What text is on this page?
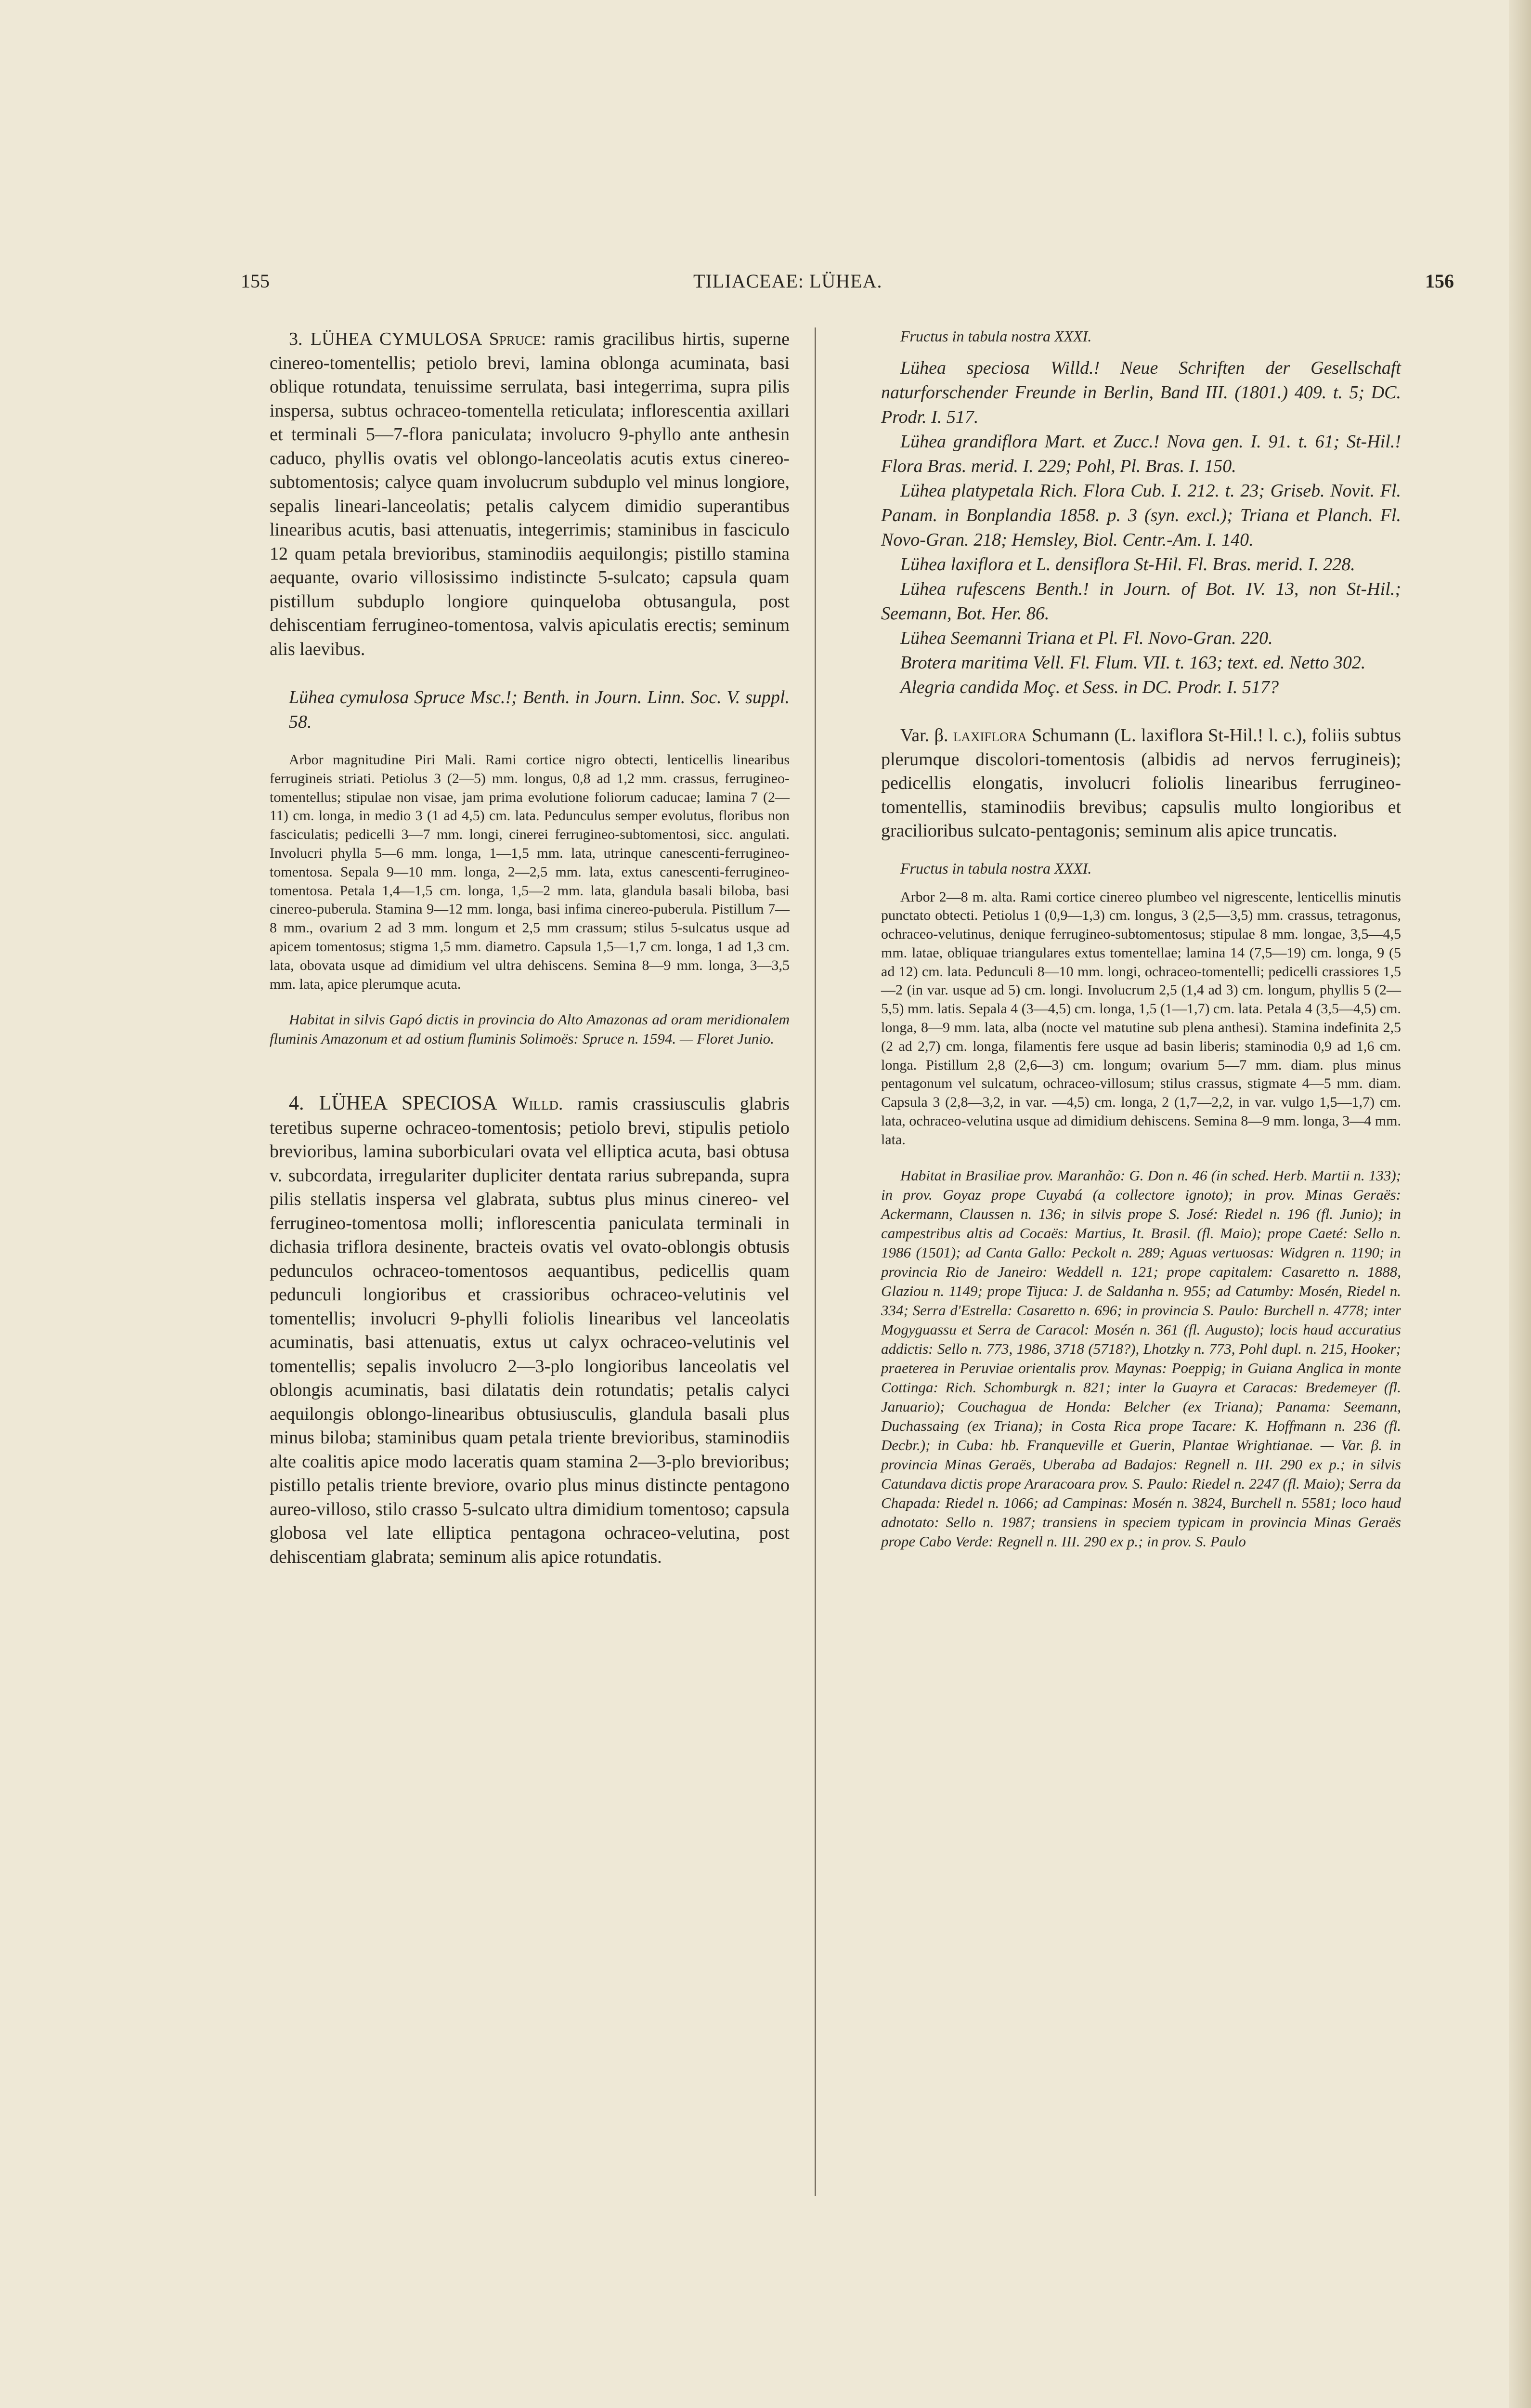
155	TILIACEAE: LÜHEA.	156

3. LÜHEA CYMULOSA Spruce: ramis gracilibus hirtis, superne cinereo-tomentellis; petiolo brevi, lamina oblonga acuminata, basi oblique rotundata, tenuissime serrulata, basi integerrima, supra pilis inspersa, subtus ochraceo-tomentella reticulata; inflorescentia axillari et terminali 5—7-flora paniculata; involucro 9-phyllo ante anthesin caduco, phyllis ovatis vel oblongo-lanceolatis acutis extus cinereo-subtomentosis; calyce quam involucrum subduplo vel minus longiore, sepalis lineari-lanceolatis; petalis calycem dimidio superantibus linearibus acutis, basi attenuatis, integerrimis; staminibus in fasciculo 12 quam petala brevioribus, staminodiis aequilongis; pistillo stamina aequante, ovario villosissimo indistincte 5-sulcato; capsula quam pistillum subduplo longiore quinqueloba obtusangula, post dehiscentiam ferrugineo-tomentosa, valvis apiculatis erectis; seminum alis laevibus.

Lühea cymulosa Spruce Msc.!; Benth. in Journ. Linn. Soc. V. suppl. 58.

Arbor magnitudine Piri Mali. Rami cortice nigro obtecti, lenticellis linearibus ferrugineis striati. Petiolus 3 (2—5) mm. longus, 0,8 ad 1,2 mm. crassus, ferrugineo-tomentellus; stipulae non visae, jam prima evolutione foliorum caducae; lamina 7 (2—11) cm. longa, in medio 3 (1 ad 4,5) cm. lata. Pedunculus semper evolutus, floribus non fasciculatis; pedicelli 3—7 mm. longi, cinerei ferrugineo-subtomentosi, sicc. angulati. Involucri phylla 5—6 mm. longa, 1—1,5 mm. lata, utrinque canescenti-ferrugineo-tomentosa. Sepala 9—10 mm. longa, 2—2,5 mm. lata, extus canescenti-ferrugineo-tomentosa. Petala 1,4—1,5 cm. longa, 1,5—2 mm. lata, glandula basali biloba, basi cinereo-puberula. Stamina 9—12 mm. longa, basi infima cinereo-puberula. Pistillum 7—8 mm., ovarium 2 ad 3 mm. longum et 2,5 mm crassum; stilus 5-sulcatus usque ad apicem tomentosus; stigma 1,5 mm. diametro. Capsula 1,5—1,7 cm. longa, 1 ad 1,3 cm. lata, obovata usque ad dimidium vel ultra dehiscens. Semina 8—9 mm. longa, 3—3,5 mm. lata, apice plerumque acuta.

Habitat in silvis Gapó dictis in provincia do Alto Amazonas ad oram meridionalem fluminis Amazonum et ad ostium fluminis Solimoës: Spruce n. 1594. — Floret Junio.

4. LÜHEA SPECIOSA Willd. ramis crassiusculis glabris teretibus superne ochraceo-tomentosis; petiolo brevi, stipulis petiolo brevioribus, lamina suborbiculari ovata vel elliptica acuta, basi obtusa v. subcordata, irregulariter dupliciter dentata rarius subrepanda, supra pilis stellatis inspersa vel glabrata, subtus plus minus cinereo- vel ferrugineo-tomentosa molli; inflorescentia paniculata terminali in dichasia triflora desinente, bracteis ovatis vel ovato-oblongis obtusis pedunculos ochraceo-tomentosos aequantibus, pedicellis quam pedunculi longioribus et crassioribus ochraceo-velutinis vel tomentellis; involucri 9-phylli foliolis linearibus vel lanceolatis acuminatis, basi attenuatis, extus ut calyx ochraceo-velutinis vel tomentellis; sepalis involucro 2—3-plo longioribus lanceolatis vel oblongis acuminatis, basi dilatatis dein rotundatis; petalis calyci aequilongis oblongo-linearibus obtusiusculis, glandula basali plus minus biloba; staminibus quam petala triente brevioribus, staminodiis alte coalitis apice modo laceratis quam stamina 2—3-plo brevioribus; pistillo petalis triente breviore, ovario plus minus distincte pentagono aureo-villoso, stilo crasso 5-sulcato ultra dimidium tomentoso; capsula globosa vel late elliptica pentagona ochraceo-velutina, post dehiscentiam glabrata; seminum alis apice rotundatis.

Fructus in tabula nostra XXXI.

Lühea speciosa Willd.! Neue Schriften der Gesellschaft naturforschender Freunde in Berlin, Band III. (1801.) 409. t. 5; DC. Prodr. I. 517.

Lühea grandiflora Mart. et Zucc.! Nova gen. I. 91. t. 61; St-Hil.! Flora Bras. merid. I. 229; Pohl, Pl. Bras. I. 150.

Lühea platypetala Rich. Flora Cub. I. 212. t. 23; Griseb. Novit. Fl. Panam. in Bonplandia 1858. p. 3 (syn. excl.); Triana et Planch. Fl. Novo-Gran. 218; Hemsley, Biol. Centr.-Am. I. 140.

Lühea laxiflora et L. densiflora St-Hil. Fl. Bras. merid. I. 228.

Lühea rufescens Benth.! in Journ. of Bot. IV. 13, non St-Hil.; Seemann, Bot. Her. 86.

Lühea Seemanni Triana et Pl. Fl. Novo-Gran. 220.

Brotera maritima Vell. Fl. Flum. VII. t. 163; text. ed. Netto 302.

Alegria candida Moç. et Sess. in DC. Prodr. I. 517?

Var. β. laxiflora Schumann (L. laxiflora St-Hil.! l. c.), foliis subtus plerumque discolori-tomentosis (albidis ad nervos ferrugineis); pedicellis elongatis, involucri foliolis linearibus ferrugineo-tomentellis, staminodiis brevibus; capsulis multo longioribus et gracilioribus sulcato-pentagonis; seminum alis apice truncatis.

Fructus in tabula nostra XXXI.

Arbor 2—8 m. alta. Rami cortice cinereo plumbeo vel nigrescente, lenticellis minutis punctato obtecti. Petiolus 1 (0,9—1,3) cm. longus, 3 (2,5—3,5) mm. crassus, tetragonus, ochraceo-velutinus, denique ferrugineo-subtomentosus; stipulae 8 mm. longae, 3,5—4,5 mm. latae, obliquae triangulares extus tomentellae; lamina 14 (7,5—19) cm. longa, 9 (5 ad 12) cm. lata. Pedunculi 8—10 mm. longi, ochraceo-tomentelli; pedicelli crassiores 1,5—2 (in var. usque ad 5) cm. longi. Involucrum 2,5 (1,4 ad 3) cm. longum, phyllis 5 (2—5,5) mm. latis. Sepala 4 (3—4,5) cm. longa, 1,5 (1—1,7) cm. lata. Petala 4 (3,5—4,5) cm. longa, 8—9 mm. lata, alba (nocte vel matutine sub plena anthesi). Stamina indefinita 2,5 (2 ad 2,7) cm. longa, filamentis fere usque ad basin liberis; staminodia 0,9 ad 1,6 cm. longa. Pistillum 2,8 (2,6—3) cm. longum; ovarium 5—7 mm. diam. plus minus pentagonum vel sulcatum, ochraceo-villosum; stilus crassus, stigmate 4—5 mm. diam. Capsula 3 (2,8—3,2, in var. —4,5) cm. longa, 2 (1,7—2,2, in var. vulgo 1,5—1,7) cm. lata, ochraceo-velutina usque ad dimidium dehiscens. Semina 8—9 mm. longa, 3—4 mm. lata.

Habitat in Brasiliae prov. Maranhão: G. Don n. 46 (in sched. Herb. Martii n. 133); in prov. Goyaz prope Cuyabá (a collectore ignoto); in prov. Minas Geraës: Ackermann, Claussen n. 136; in silvis prope S. José: Riedel n. 196 (fl. Junio); in campestribus altis ad Cocaës: Martius, It. Brasil. (fl. Maio); prope Caeté: Sello n. 1986 (1501); ad Canta Gallo: Peckolt n. 289; Aguas vertuosas: Widgren n. 1190; in provincia Rio de Janeiro: Weddell n. 121; prope capitalem: Casaretto n. 1888, Glaziou n. 1149; prope Tijuca: J. de Saldanha n. 955; ad Catumby: Mosén, Riedel n. 334; Serra d'Estrella: Casaretto n. 696; in provincia S. Paulo: Burchell n. 4778; inter Mogyguassu et Serra de Caracol: Mosén n. 361 (fl. Augusto); locis haud accuratius addictis: Sello n. 773, 1986, 3718 (5718?), Lhotzky n. 773, Pohl dupl. n. 215, Hooker; praeterea in Peruviae orientalis prov. Maynas: Poeppig; in Guiana Anglica in monte Cottinga: Rich. Schomburgk n. 821; inter la Guayra et Caracas: Bredemeyer (fl. Januario); Couchagua de Honda: Belcher (ex Triana); Panama: Seemann, Duchassaing (ex Triana); in Costa Rica prope Tacare: K. Hoffmann n. 236 (fl. Decbr.); in Cuba: hb. Franqueville et Guerin, Plantae Wrightianae. — Var. β. in provincia Minas Geraës, Uberaba ad Badajos: Regnell n. III. 290 ex p.; in silvis Catundava dictis prope Araracoara prov. S. Paulo: Riedel n. 2247 (fl. Maio); Serra da Chapada: Riedel n. 1066; ad Campinas: Mosén n. 3824, Burchell n. 5581; loco haud adnotato: Sello n. 1987; transiens in speciem typicam in provincia Minas Geraës prope Cabo Verde: Regnell n. III. 290 ex p.; in prov. S. Paulo
